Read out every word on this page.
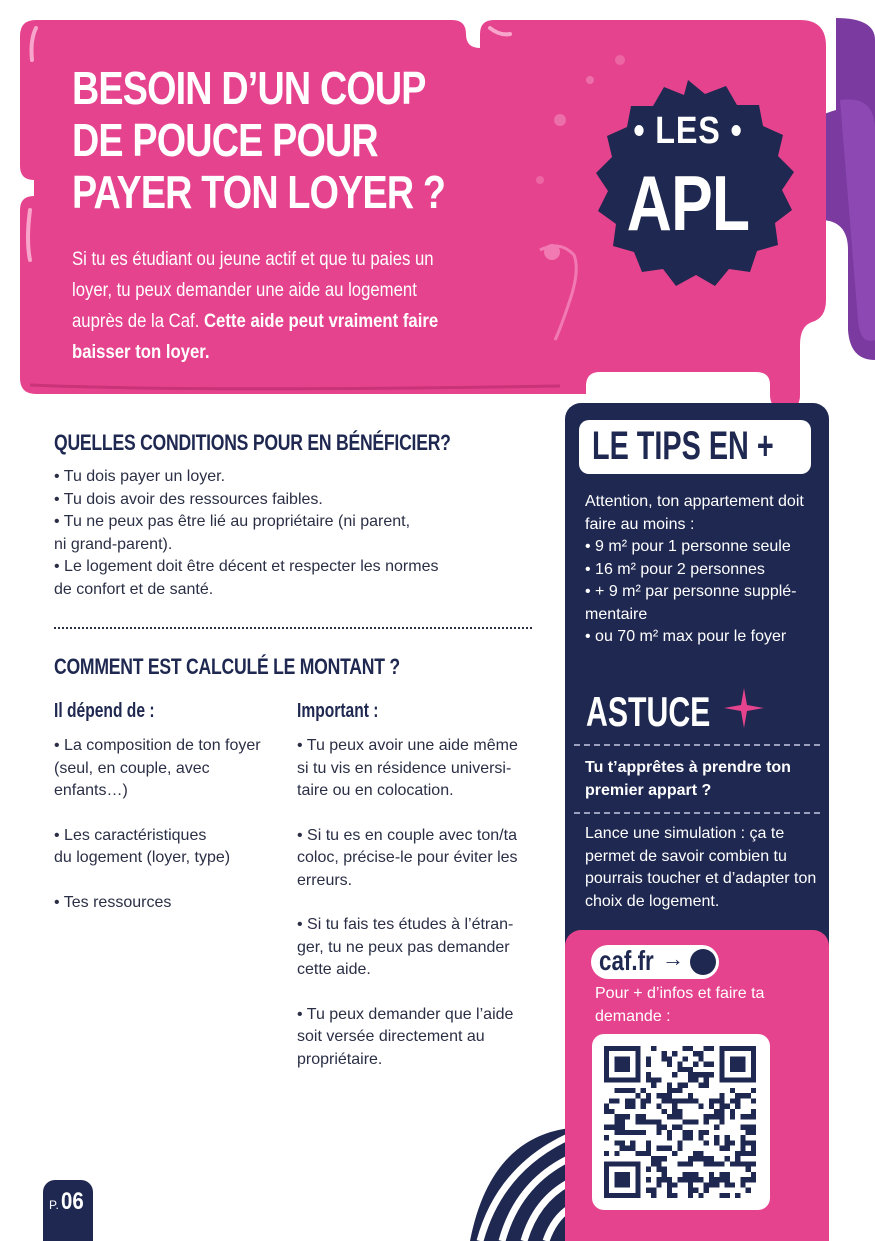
BESOIN D’UN COUP DE POUCE POUR PAYER TON LOYER ?
Si tu es étudiant ou jeune actif et que tu paies un loyer, tu peux demander une aide au logement auprès de la Caf. Cette aide peut vraiment faire baisser ton loyer.
• LES •
APL
QUELLES CONDITIONS POUR EN BÉNÉFICIER?
• Tu dois payer un loyer.
• Tu dois avoir des ressources faibles.
• Tu ne peux pas être lié au propriétaire (ni parent,
ni grand-parent).
• Le logement doit être décent et respecter les normes
de confort et de santé.
COMMENT EST CALCULÉ LE MONTANT ?
Il dépend de :	Important :
• La composition de ton foyer (seul, en couple, avec enfants…)
• Les caractéristiques
du logement (loyer, type)
• Tes ressources
• Tu peux avoir une aide même si tu vis en résidence universi-taire ou en colocation.
• Si tu es en couple avec ton/ta coloc, précise-le pour éviter les erreurs.
• Si tu fais tes études à l’étran-ger, tu ne peux pas demander cette aide.
• Tu peux demander que l’aide soit versée directement au propriétaire.
LE TIPS EN +
Attention, ton appartement doit faire au moins :
• 9 m² pour 1 personne seule
• 16 m² pour 2 personnes
• + 9 m² par personne supplé-mentaire
• ou 70 m² max pour le foyer
ASTUCE
Tu t’apprêtes à prendre ton premier appart ?
Lance une simulation : ça te permet de savoir combien tu pourrais toucher et d’adapter ton choix de logement.
caf.fr →
Pour + d’infos et faire ta demande :
P. 06
